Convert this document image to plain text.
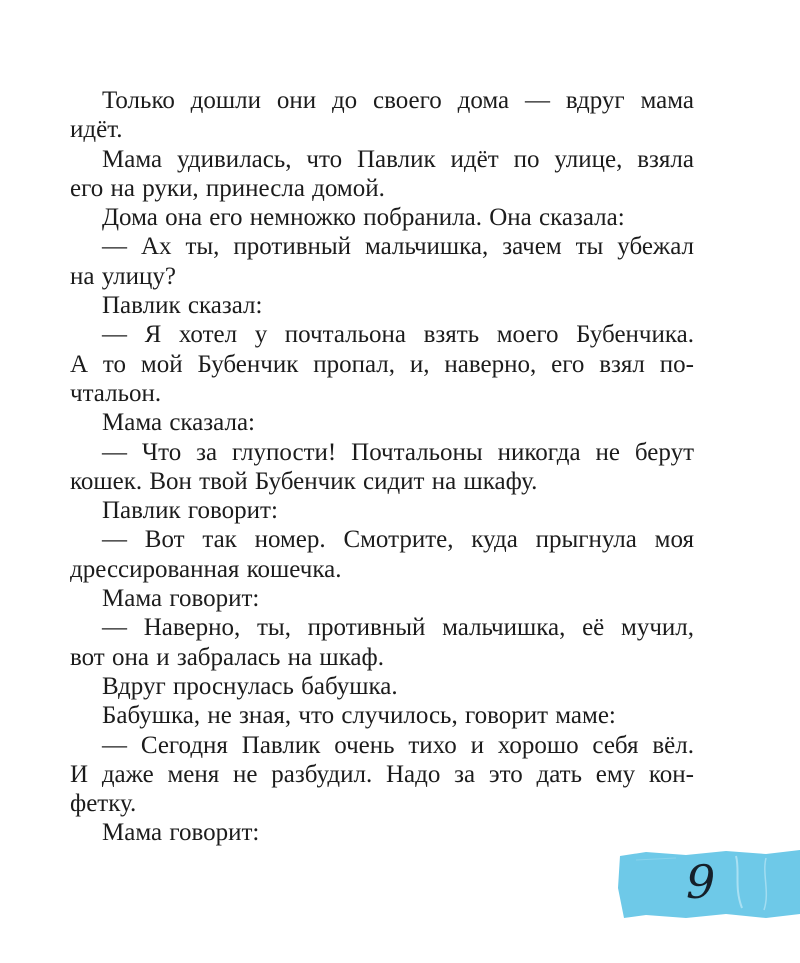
Только дошли они до своего дома — вдруг мама
идёт.
Мама удивилась, что Павлик идёт по улице, взяла
его на руки, принесла домой.
Дома она его немножко побранила. Она сказала:
— Ах ты, противный мальчишка, зачем ты убежал
на улицу?
Павлик сказал:
— Я хотел у почтальона взять моего Бубенчика.
А то мой Бубенчик пропал, и, наверно, его взял по-
чтальон.
Мама сказала:
— Что за глупости! Почтальоны никогда не берут
кошек. Вон твой Бубенчик сидит на шкафу.
Павлик говорит:
— Вот так номер. Смотрите, куда прыгнула моя
дрессированная кошечка.
Мама говорит:
— Наверно, ты, противный мальчишка, её мучил,
вот она и забралась на шкаф.
Вдруг проснулась бабушка.
Бабушка, не зная, что случилось, говорит маме:
— Сегодня Павлик очень тихо и хорошо себя вёл.
И даже меня не разбудил. Надо за это дать ему кон-
фетку.
Мама говорит:
9
